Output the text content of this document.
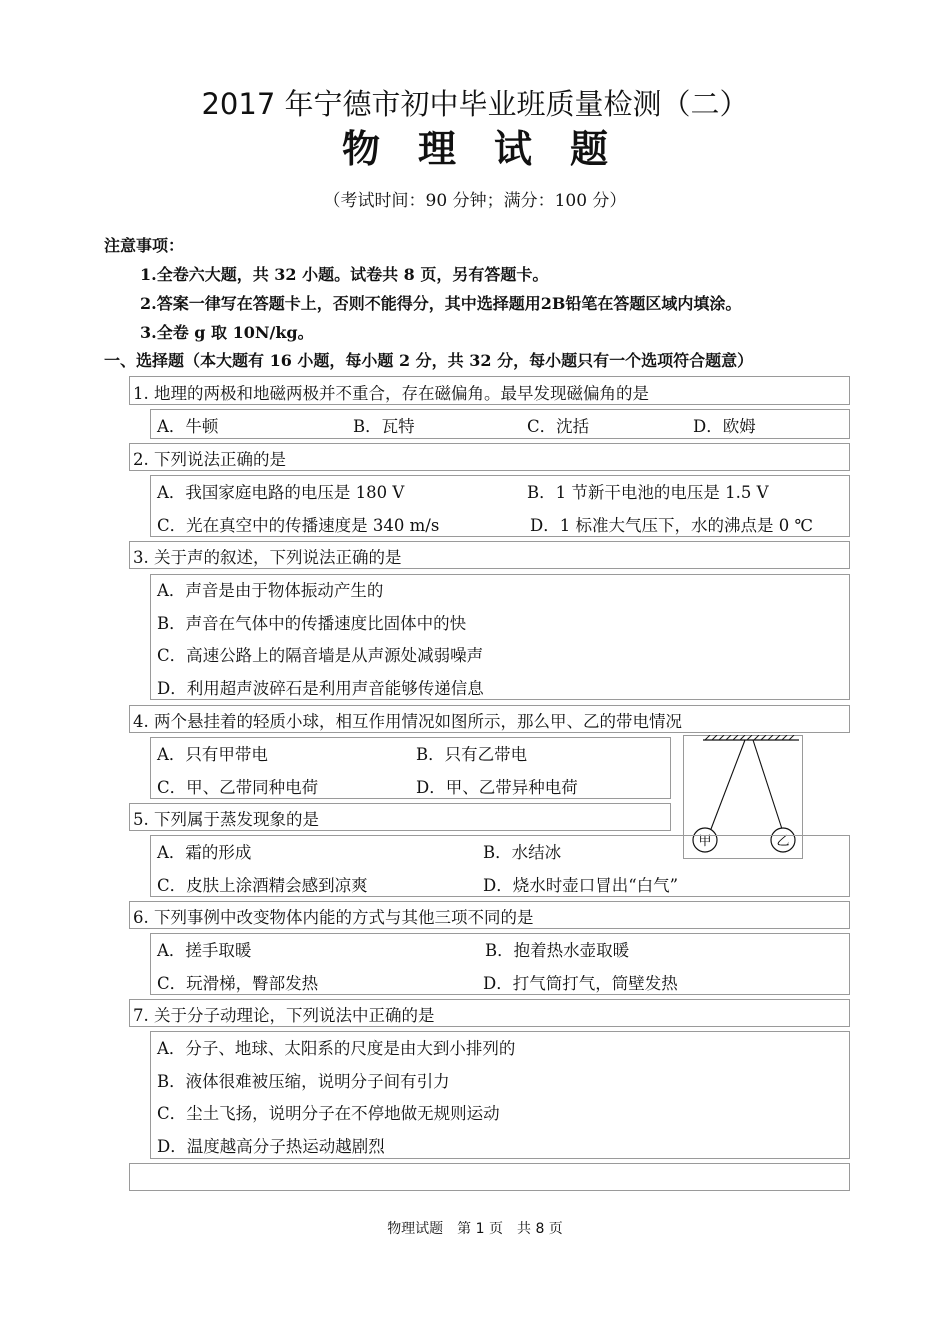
2017 年宁德市初中毕业班质量检测（二）
物理试题
（考试时间：90 分钟；满分：100 分）
注意事项：
1.全卷六大题，共 32 小题。试卷共 8 页，另有答题卡。
2.答案一律写在答题卡上，否则不能得分，其中选择题用2B铅笔在答题区域内填涂。
3.全卷 g 取 10N/kg。
一、选择题（本大题有 16 小题，每小题 2 分，共 32 分，每小题只有一个选项符合题意）
1. 地理的两极和地磁两极并不重合，存在磁偏角。最早发现磁偏角的是
A．牛顿	B．瓦特	C．沈括	D．欧姆
2. 下列说法正确的是
A．我国家庭电路的电压是 180 V	B．1 节新干电池的电压是 1.5 V
C．光在真空中的传播速度是 340 m/s	D．1 标准大气压下，水的沸点是 0 ℃
3. 关于声的叙述，下列说法正确的是
A．声音是由于物体振动产生的
B．声音在气体中的传播速度比固体中的快
C．高速公路上的隔音墙是从声源处减弱噪声
D．利用超声波碎石是利用声音能够传递信息
4. 两个悬挂着的轻质小球，相互作用情况如图所示，那么甲、乙的带电情况
A．只有甲带电	B．只有乙带电
C．甲、乙带同种电荷	D．甲、乙带异种电荷
甲	乙
5. 下列属于蒸发现象的是
A．霜的形成	B．水结冰
C．皮肤上涂酒精会感到凉爽	D．烧水时壶口冒出“白气”
6. 下列事例中改变物体内能的方式与其他三项不同的是
A．搓手取暖	B．抱着热水壶取暖
C．玩滑梯，臀部发热	D．打气筒打气，筒壁发热
7. 关于分子动理论，下列说法中正确的是
A．分子、地球、太阳系的尺度是由大到小排列的
B．液体很难被压缩，说明分子间有引力
C．尘土飞扬，说明分子在不停地做无规则运动
D．温度越高分子热运动越剧烈
物理试题　第 1 页　共 8 页
